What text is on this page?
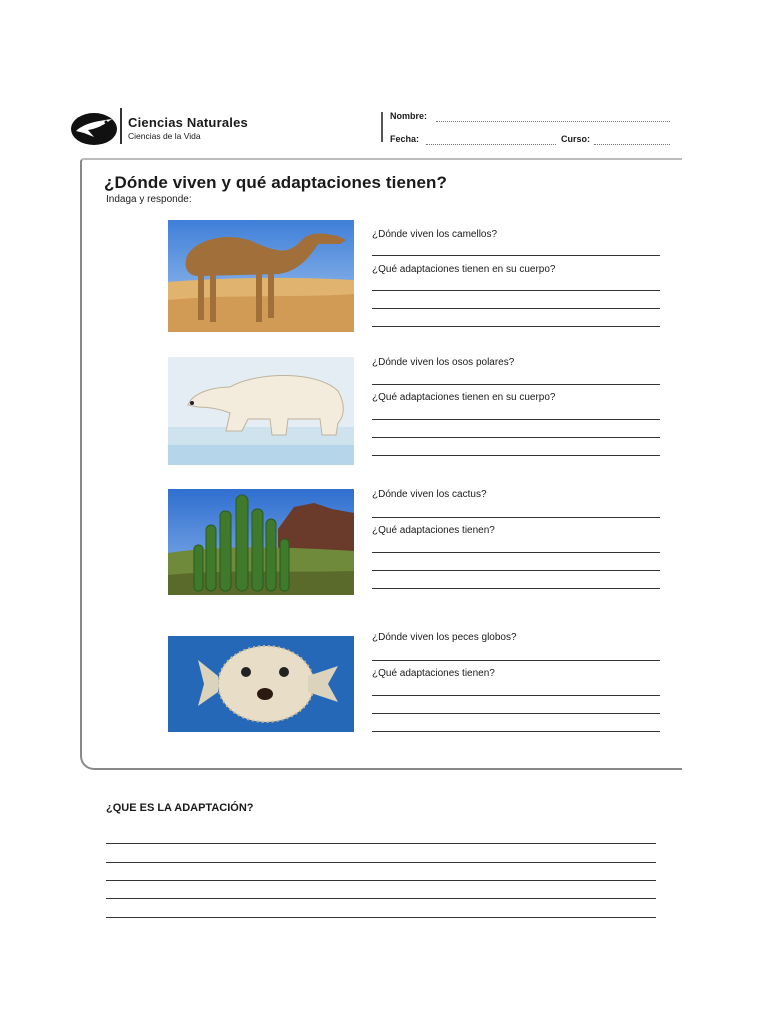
Ciencias Naturales
Ciencias de la Vida
Nombre:
Fecha:	Curso:
¿Dónde viven y qué adaptaciones tienen?
Indaga y responde:
¿Dónde viven los camellos?
¿Qué adaptaciones tienen en su cuerpo?
¿Dónde viven los osos polares?
¿Qué adaptaciones tienen en su cuerpo?
¿Dónde viven los cactus?
¿Qué adaptaciones tienen?
¿Dónde viven los peces globos?
¿Qué adaptaciones tienen?
¿QUE ES LA ADAPTACIÓN?
